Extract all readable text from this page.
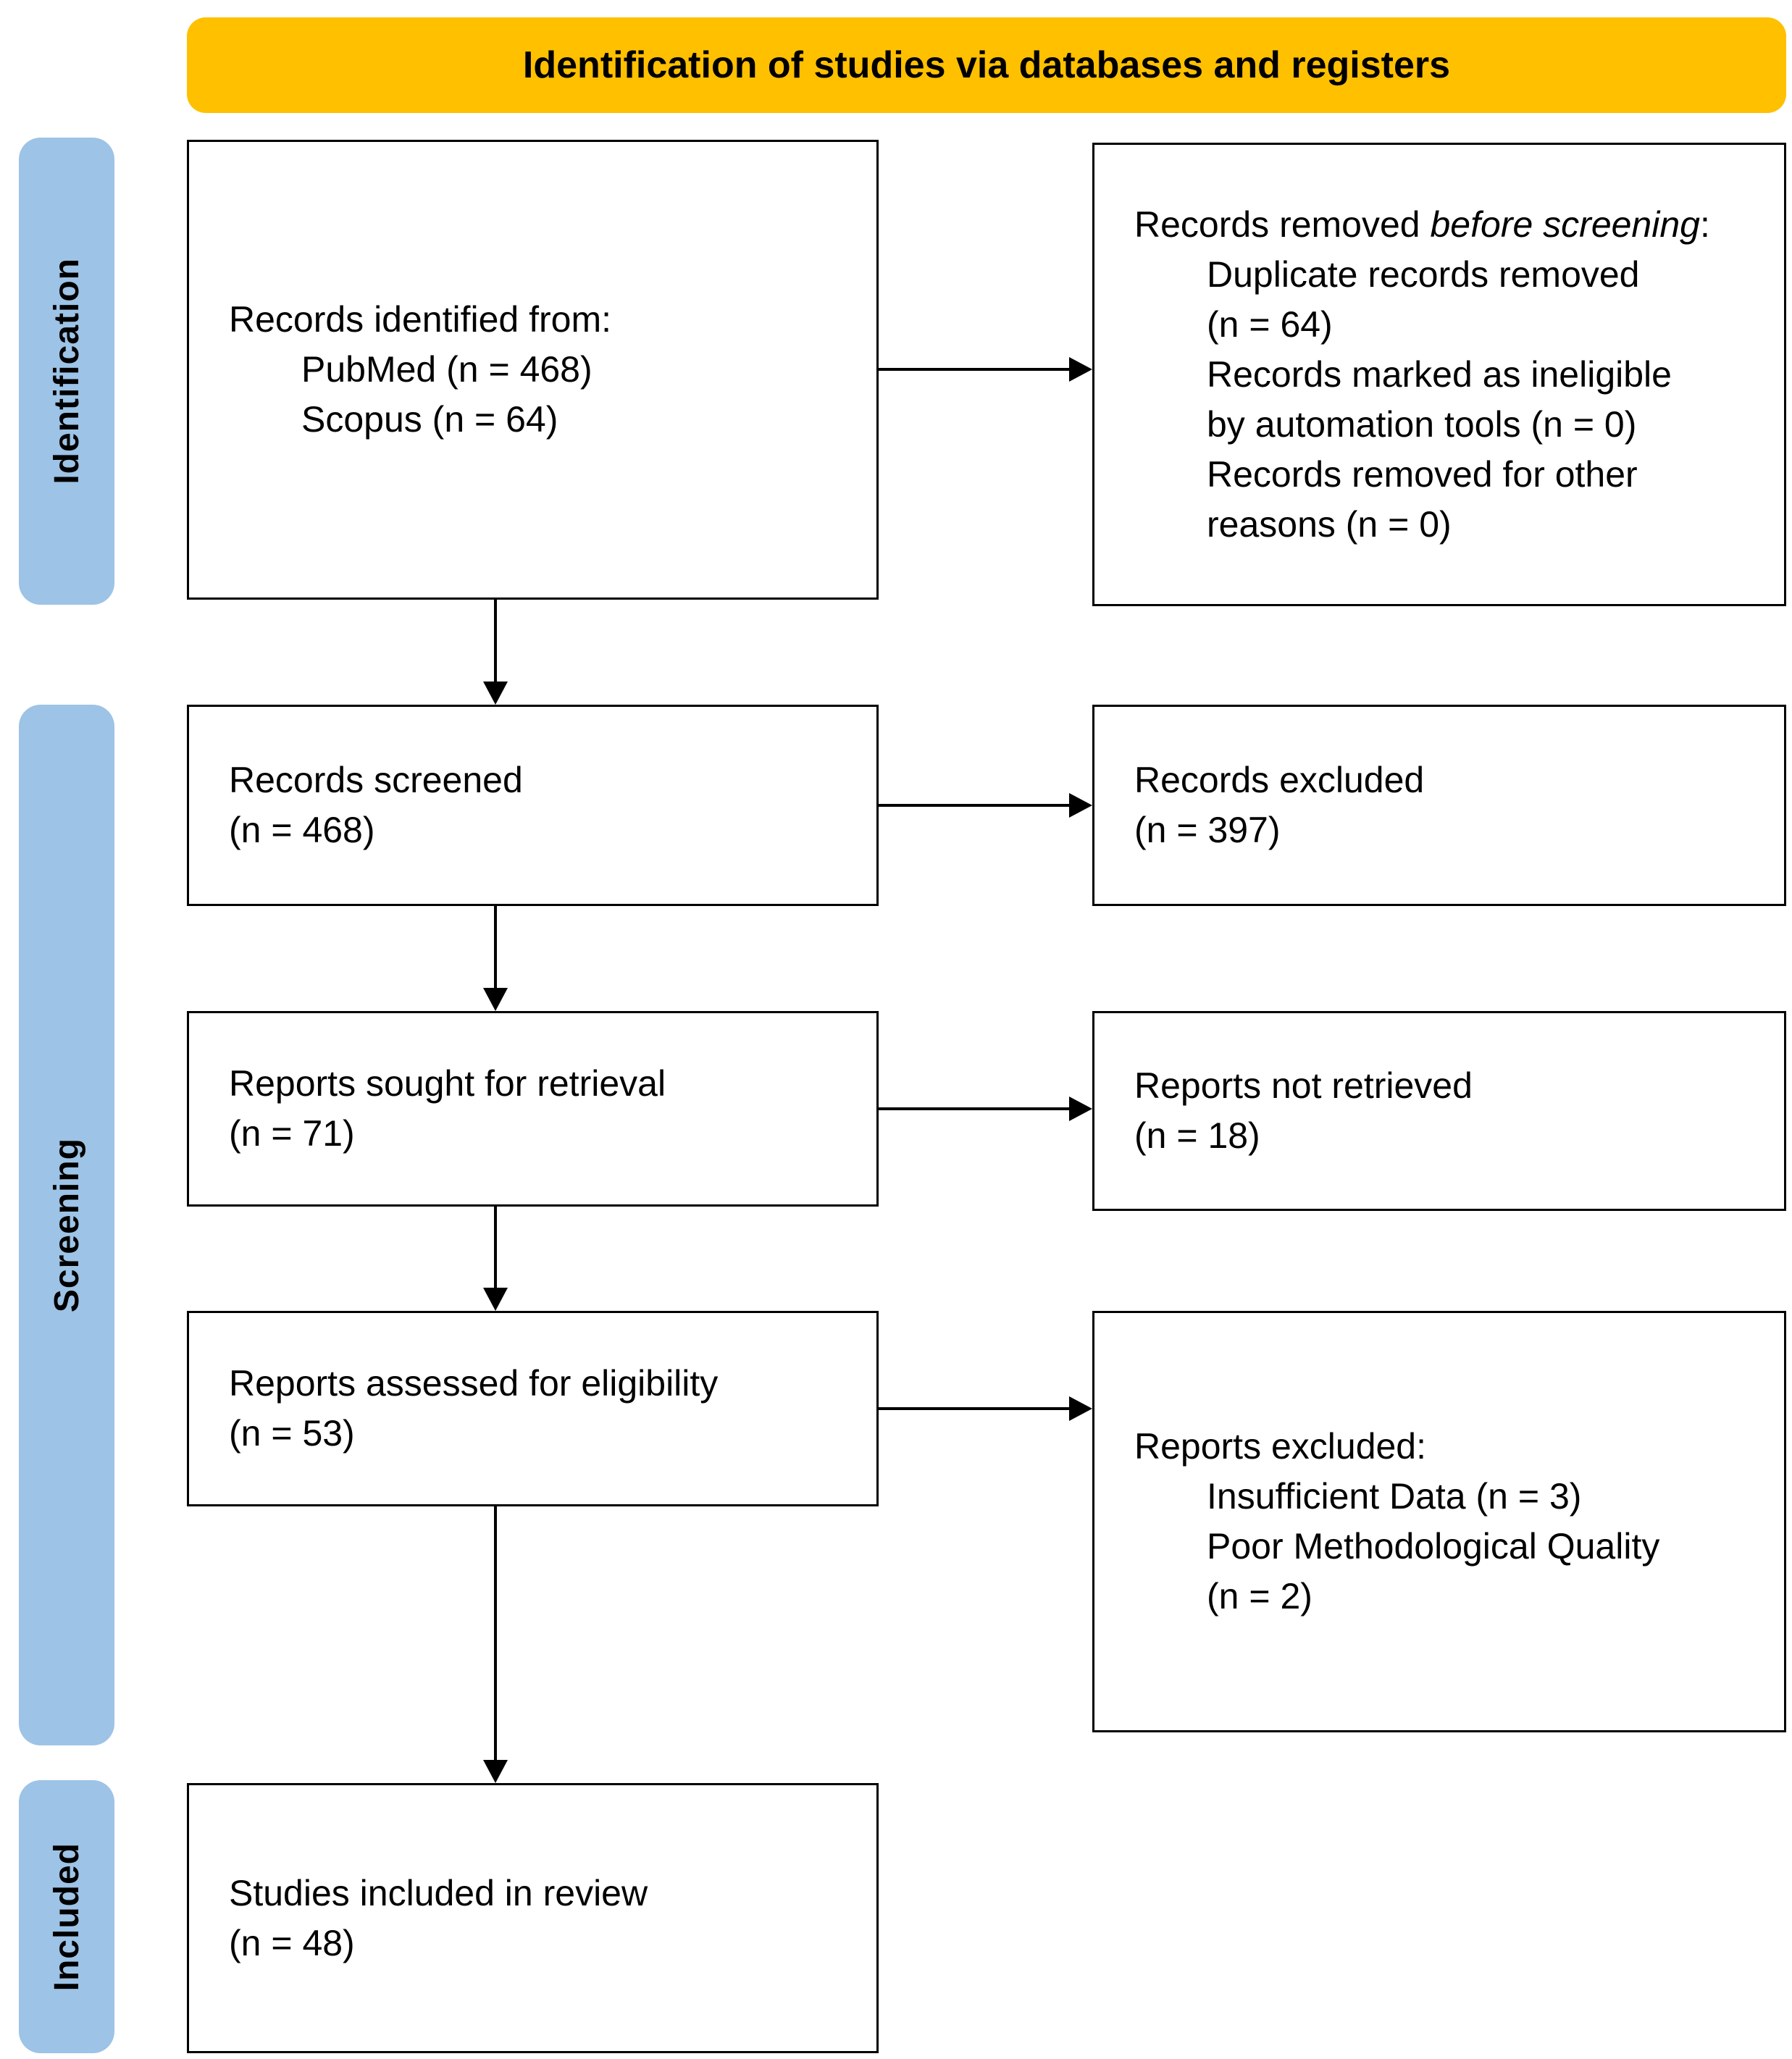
Identification of studies via databases and registers
Identification
Screening
Included
Records identified from:
PubMed (n = 468)
Scopus (n = 64)
Records removed before screening:
Duplicate records removed (n = 64)
Records marked as ineligible by automation tools (n = 0)
Records removed for other reasons (n = 0)
Records screened
(n = 468)
Records excluded
(n = 397)
Reports sought for retrieval
(n = 71)
Reports not retrieved
(n = 18)
Reports assessed for eligibility
(n = 53)	Reports excluded:
Insufficient Data (n = 3)
Poor Methodological Quality (n = 2)
Studies included in review
(n = 48)
